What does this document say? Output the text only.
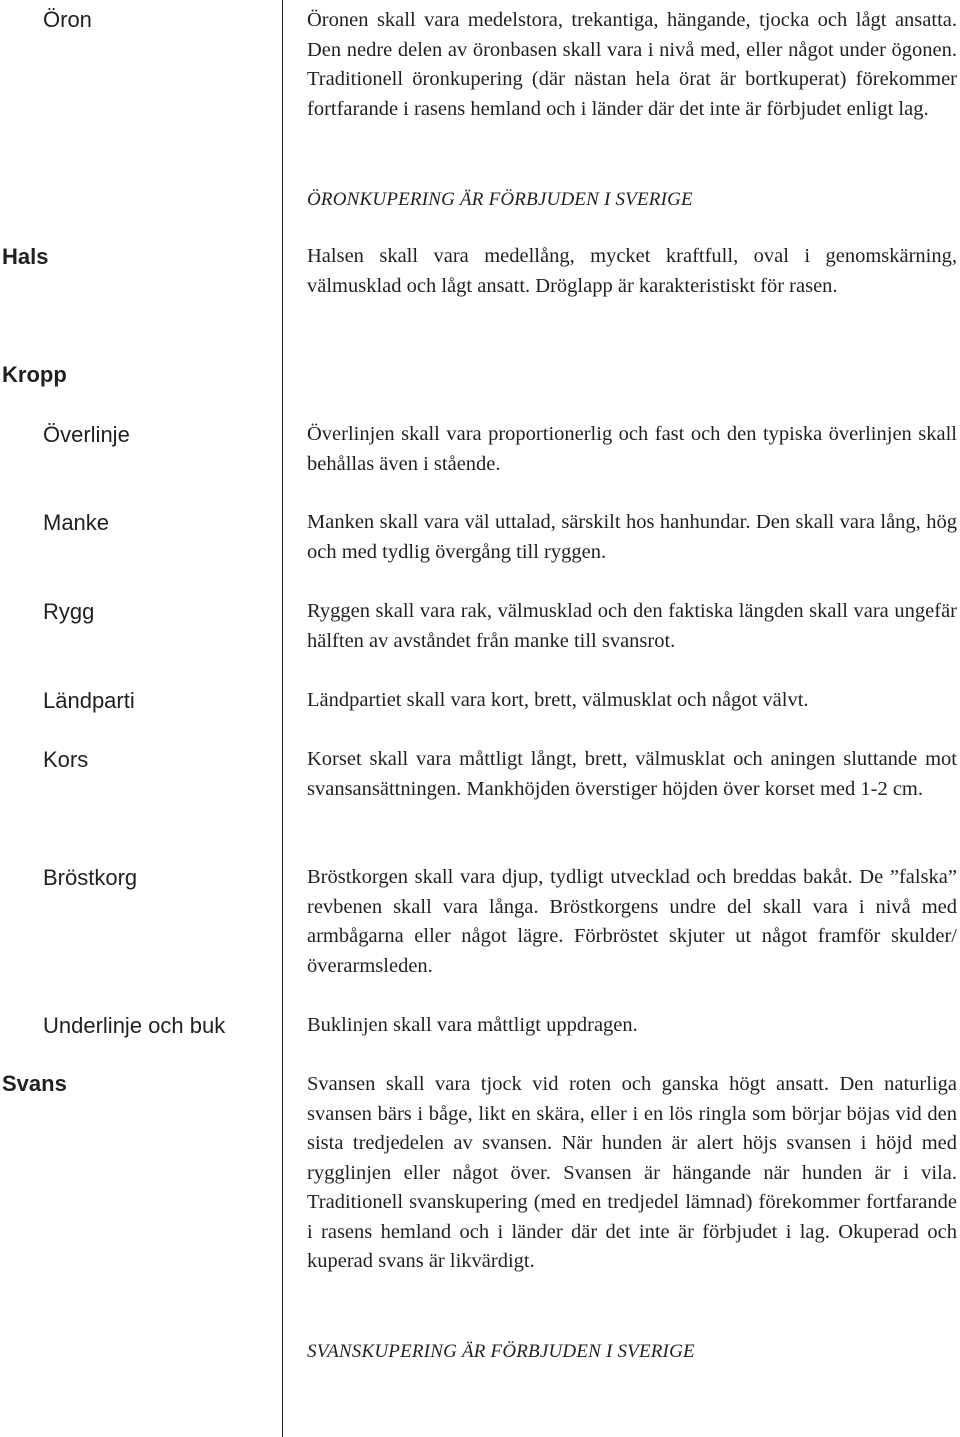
Öron	Öronen skall vara medelstora, trekantiga, hängande, tjocka och lågt ansatta. Den nedre delen av öronbasen skall vara i nivå med, eller något under ögonen. Traditionell öronkupering (där nästan hela örat är bortkuperat) förekommer fortfarande i rasens hemland och i länder där det inte är förbjudet enligt lag.
ÖRONKUPERING ÄR FÖRBJUDEN I SVERIGE
Hals	Halsen skall vara medellång, mycket kraftfull, oval i genomskärning, välmusklad och lågt ansatt. Dröglapp är karakteristiskt för rasen.
Kropp
Överlinje	Överlinjen skall vara proportionerlig och fast och den typiska överlinjen skall behållas även i stående.
Manke	Manken skall vara väl uttalad, särskilt hos hanhundar. Den skall vara lång, hög och med tydlig övergång till ryggen.
Rygg	Ryggen skall vara rak, välmusklad och den faktiska längden skall vara ungefär hälften av avståndet från manke till svansrot.
Ländparti	Ländpartiet skall vara kort, brett, välmusklat och något välvt.
Kors	Korset skall vara måttligt långt, brett, välmusklat och aningen sluttande mot svansansättningen. Mankhöjden överstiger höjden över korset med 1-2 cm.
Bröstkorg	Bröstkorgen skall vara djup, tydligt utvecklad och breddas bakåt. De ”falska” revbenen skall vara långa. Bröstkorgens undre del skall vara i nivå med armbågarna eller något lägre. Förbröstet skjuter ut något framför skulder/överarmsleden.
Underlinje och buk	Buklinjen skall vara måttligt uppdragen.
Svans	Svansen skall vara tjock vid roten och ganska högt ansatt. Den naturliga svansen bärs i båge, likt en skära, eller i en lös ringla som börjar böjas vid den sista tredjedelen av svansen. När hunden är alert höjs svansen i höjd med rygglinjen eller något över. Svansen är hängande när hunden är i vila. Traditionell svanskupering (med en tredjedel lämnad) förekommer fortfarande i rasens hemland och i länder där det inte är förbjudet i lag. Okuperad och kuperad svans är likvärdigt.
SVANSKUPERING ÄR FÖRBJUDEN I SVERIGE
